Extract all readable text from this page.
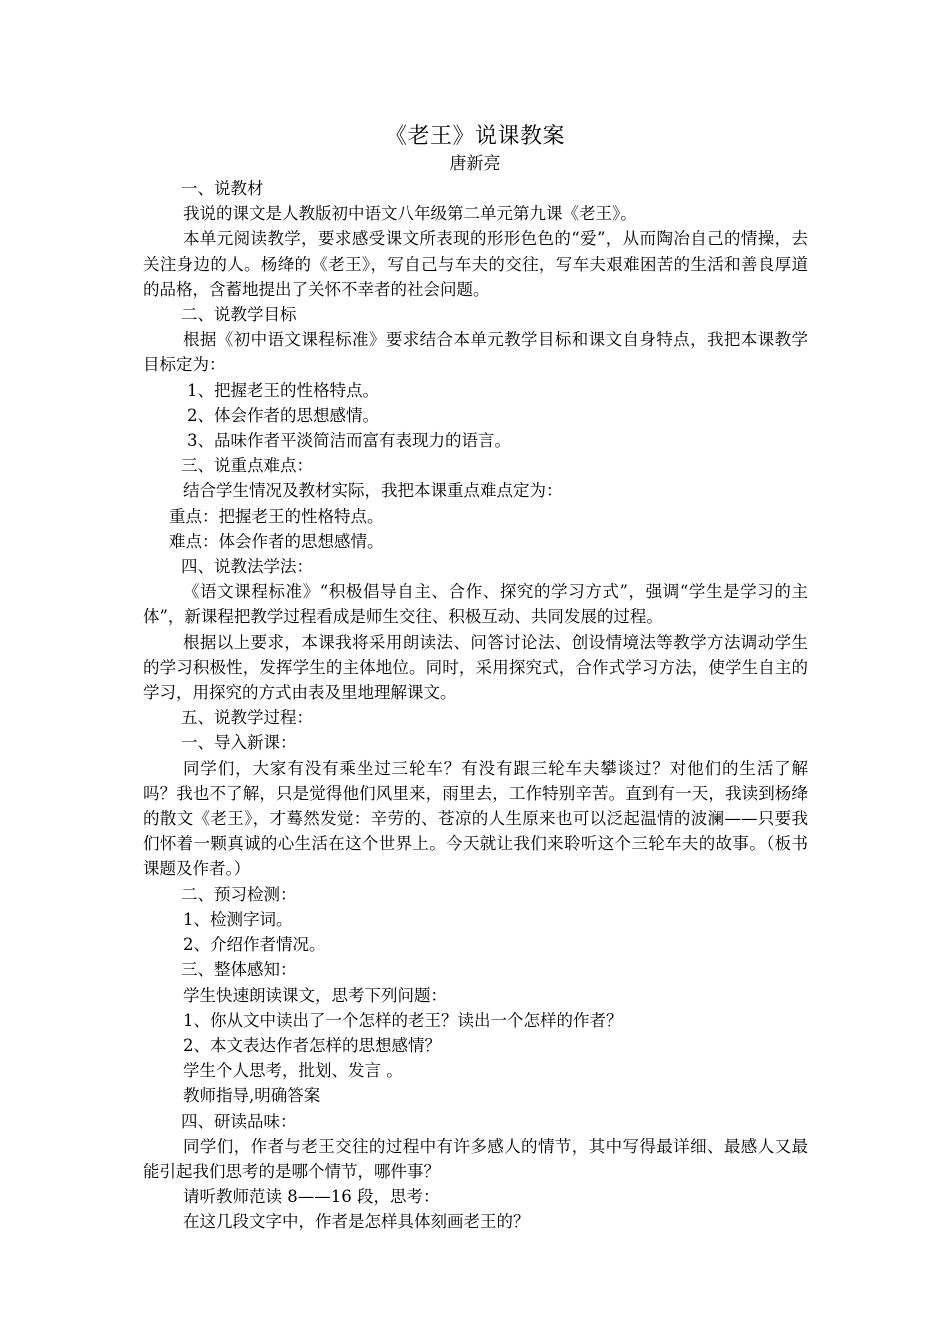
《老王》说课教案
唐新亮

一、说教材

我说的课文是人教版初中语文八年级第二单元第九课《老王》。

本单元阅读教学，要求感受课文所表现的形形色色的“爱”，从而陶冶自己的情操，去关注身边的人。杨绛的《老王》，写自己与车夫的交往，写车夫艰难困苦的生活和善良厚道的品格，含蓄地提出了关怀不幸者的社会问题。

二、说教学目标

根据《初中语文课程标准》要求结合本单元教学目标和课文自身特点，我把本课教学目标定为：

1、把握老王的性格特点。

2、体会作者的思想感情。

3、品味作者平淡简洁而富有表现力的语言。

三、说重点难点：

结合学生情况及教材实际，我把本课重点难点定为：

重点：把握老王的性格特点。

难点：体会作者的思想感情。

四、说教法学法：

《语文课程标准》“积极倡导自主、合作、探究的学习方式”，强调“学生是学习的主体”，新课程把教学过程看成是师生交往、积极互动、共同发展的过程。

根据以上要求，本课我将采用朗读法、问答讨论法、创设情境法等教学方法调动学生的学习积极性，发挥学生的主体地位。同时，采用探究式，合作式学习方法，使学生自主的学习，用探究的方式由表及里地理解课文。

五、说教学过程：

一、导入新课：

同学们，大家有没有乘坐过三轮车？有没有跟三轮车夫攀谈过？对他们的生活了解吗？我也不了解，只是觉得他们风里来，雨里去，工作特别辛苦。直到有一天，我读到杨绛的散文《老王》，才蓦然发觉：辛劳的、苍凉的人生原来也可以泛起温情的波澜——只要我们怀着一颗真诚的心生活在这个世界上。今天就让我们来聆听这个三轮车夫的故事。（板书课题及作者。）

二、预习检测：

1、检测字词。

2、介绍作者情况。

三、整体感知：

学生快速朗读课文，思考下列问题：

1、你从文中读出了一个怎样的老王？读出一个怎样的作者？

2、本文表达作者怎样的思想感情？

学生个人思考，批划、发言 。

教师指导,明确答案

四、研读品味：

同学们，作者与老王交往的过程中有许多感人的情节，其中写得最详细、最感人又最能引起我们思考的是哪个情节，哪件事？

请听教师范读 8——16 段，思考：

在这几段文字中，作者是怎样具体刻画老王的？
